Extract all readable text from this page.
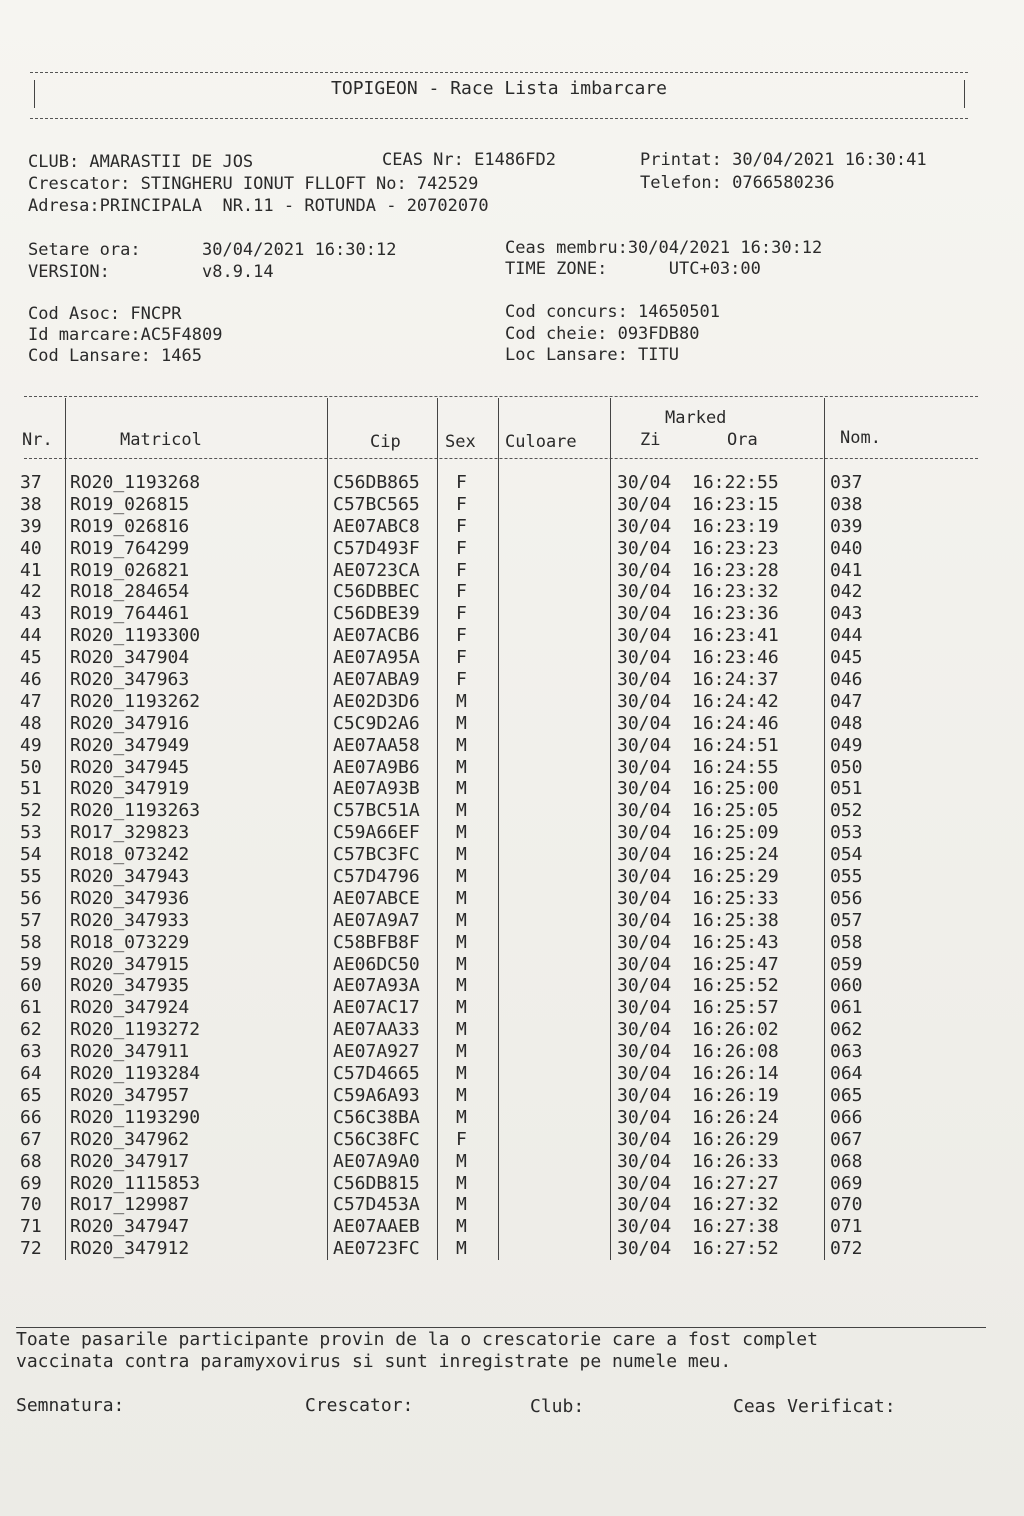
TOPIGEON - Race Lista imbarcare
CLUB: AMARASTII DE JOS	CEAS Nr: E1486FD2	Printat: 30/04/2021 16:30:41
Crescator: STINGHERU IONUT FLLOFT No: 742529	Telefon: 0766580236
Adresa:PRINCIPALA  NR.11 - ROTUNDA - 20702070
Setare ora:      30/04/2021 16:30:12	Ceas membru:30/04/2021 16:30:12
VERSION:         v8.9.14	TIME ZONE:      UTC+03:00
Cod Asoc: FNCPR	Cod concurs: 14650501
Id marcare:AC5F4809	Cod cheie: 093FDB80
Cod Lansare: 1465	Loc Lansare: TITU
Nr.	Matricol	Cip	Sex Culoare
Marked
Zi	Ora	Nom.
37 RO20_1193268	C56DB865 F	30/04 16:22:55	037
38 RO19_026815	C57BC565 F	30/04 16:23:15	038
39 RO19_026816	AE07ABC8 F	30/04 16:23:19	039
40 RO19_764299	C57D493F F	30/04 16:23:23	040
41 RO19_026821	AE0723CA F	30/04 16:23:28	041
42 RO18_284654	C56DBBEC F	30/04 16:23:32	042
43 RO19_764461	C56DBE39 F	30/04 16:23:36	043
44 RO20_1193300	AE07ACB6 F	30/04 16:23:41	044
45 RO20_347904	AE07A95A F	30/04 16:23:46	045
46 RO20_347963	AE07ABA9 F	30/04 16:24:37	046
47 RO20_1193262	AE02D3D6 M	30/04 16:24:42	047
48 RO20_347916	C5C9D2A6 M	30/04 16:24:46	048
49 RO20_347949	AE07AA58 M	30/04 16:24:51	049
50 RO20_347945	AE07A9B6 M	30/04 16:24:55	050
51 RO20_347919	AE07A93B M	30/04 16:25:00	051
52 RO20_1193263	C57BC51A M	30/04 16:25:05	052
53 RO17_329823	C59A66EF M	30/04 16:25:09	053
54 RO18_073242	C57BC3FC M	30/04 16:25:24	054
55 RO20_347943	C57D4796 M	30/04 16:25:29	055
56 RO20_347936	AE07ABCE M	30/04 16:25:33	056
57 RO20_347933	AE07A9A7 M	30/04 16:25:38	057
58 RO18_073229	C58BFB8F M	30/04 16:25:43	058
59 RO20_347915	AE06DC50 M	30/04 16:25:47	059
60 RO20_347935	AE07A93A M	30/04 16:25:52	060
61 RO20_347924	AE07AC17 M	30/04 16:25:57	061
62 RO20_1193272	AE07AA33 M	30/04 16:26:02	062
63 RO20_347911	AE07A927 M	30/04 16:26:08	063
64 RO20_1193284	C57D4665 M	30/04 16:26:14	064
65 RO20_347957	C59A6A93 M	30/04 16:26:19	065
66 RO20_1193290	C56C38BA M	30/04 16:26:24	066
67 RO20_347962	C56C38FC F	30/04 16:26:29	067
68 RO20_347917	AE07A9A0 M	30/04 16:26:33	068
69 RO20_1115853	C56DB815 M	30/04 16:27:27	069
70 RO17_129987	C57D453A M	30/04 16:27:32	070
71 RO20_347947	AE07AAEB M	30/04 16:27:38	071
72 RO20_347912	AE0723FC M	30/04 16:27:52	072
Toate pasarile participante provin de la o crescatorie care a fost complet
vaccinata contra paramyxovirus si sunt inregistrate pe numele meu.
Semnatura:	Crescator:	Club:	Ceas Verificat:
